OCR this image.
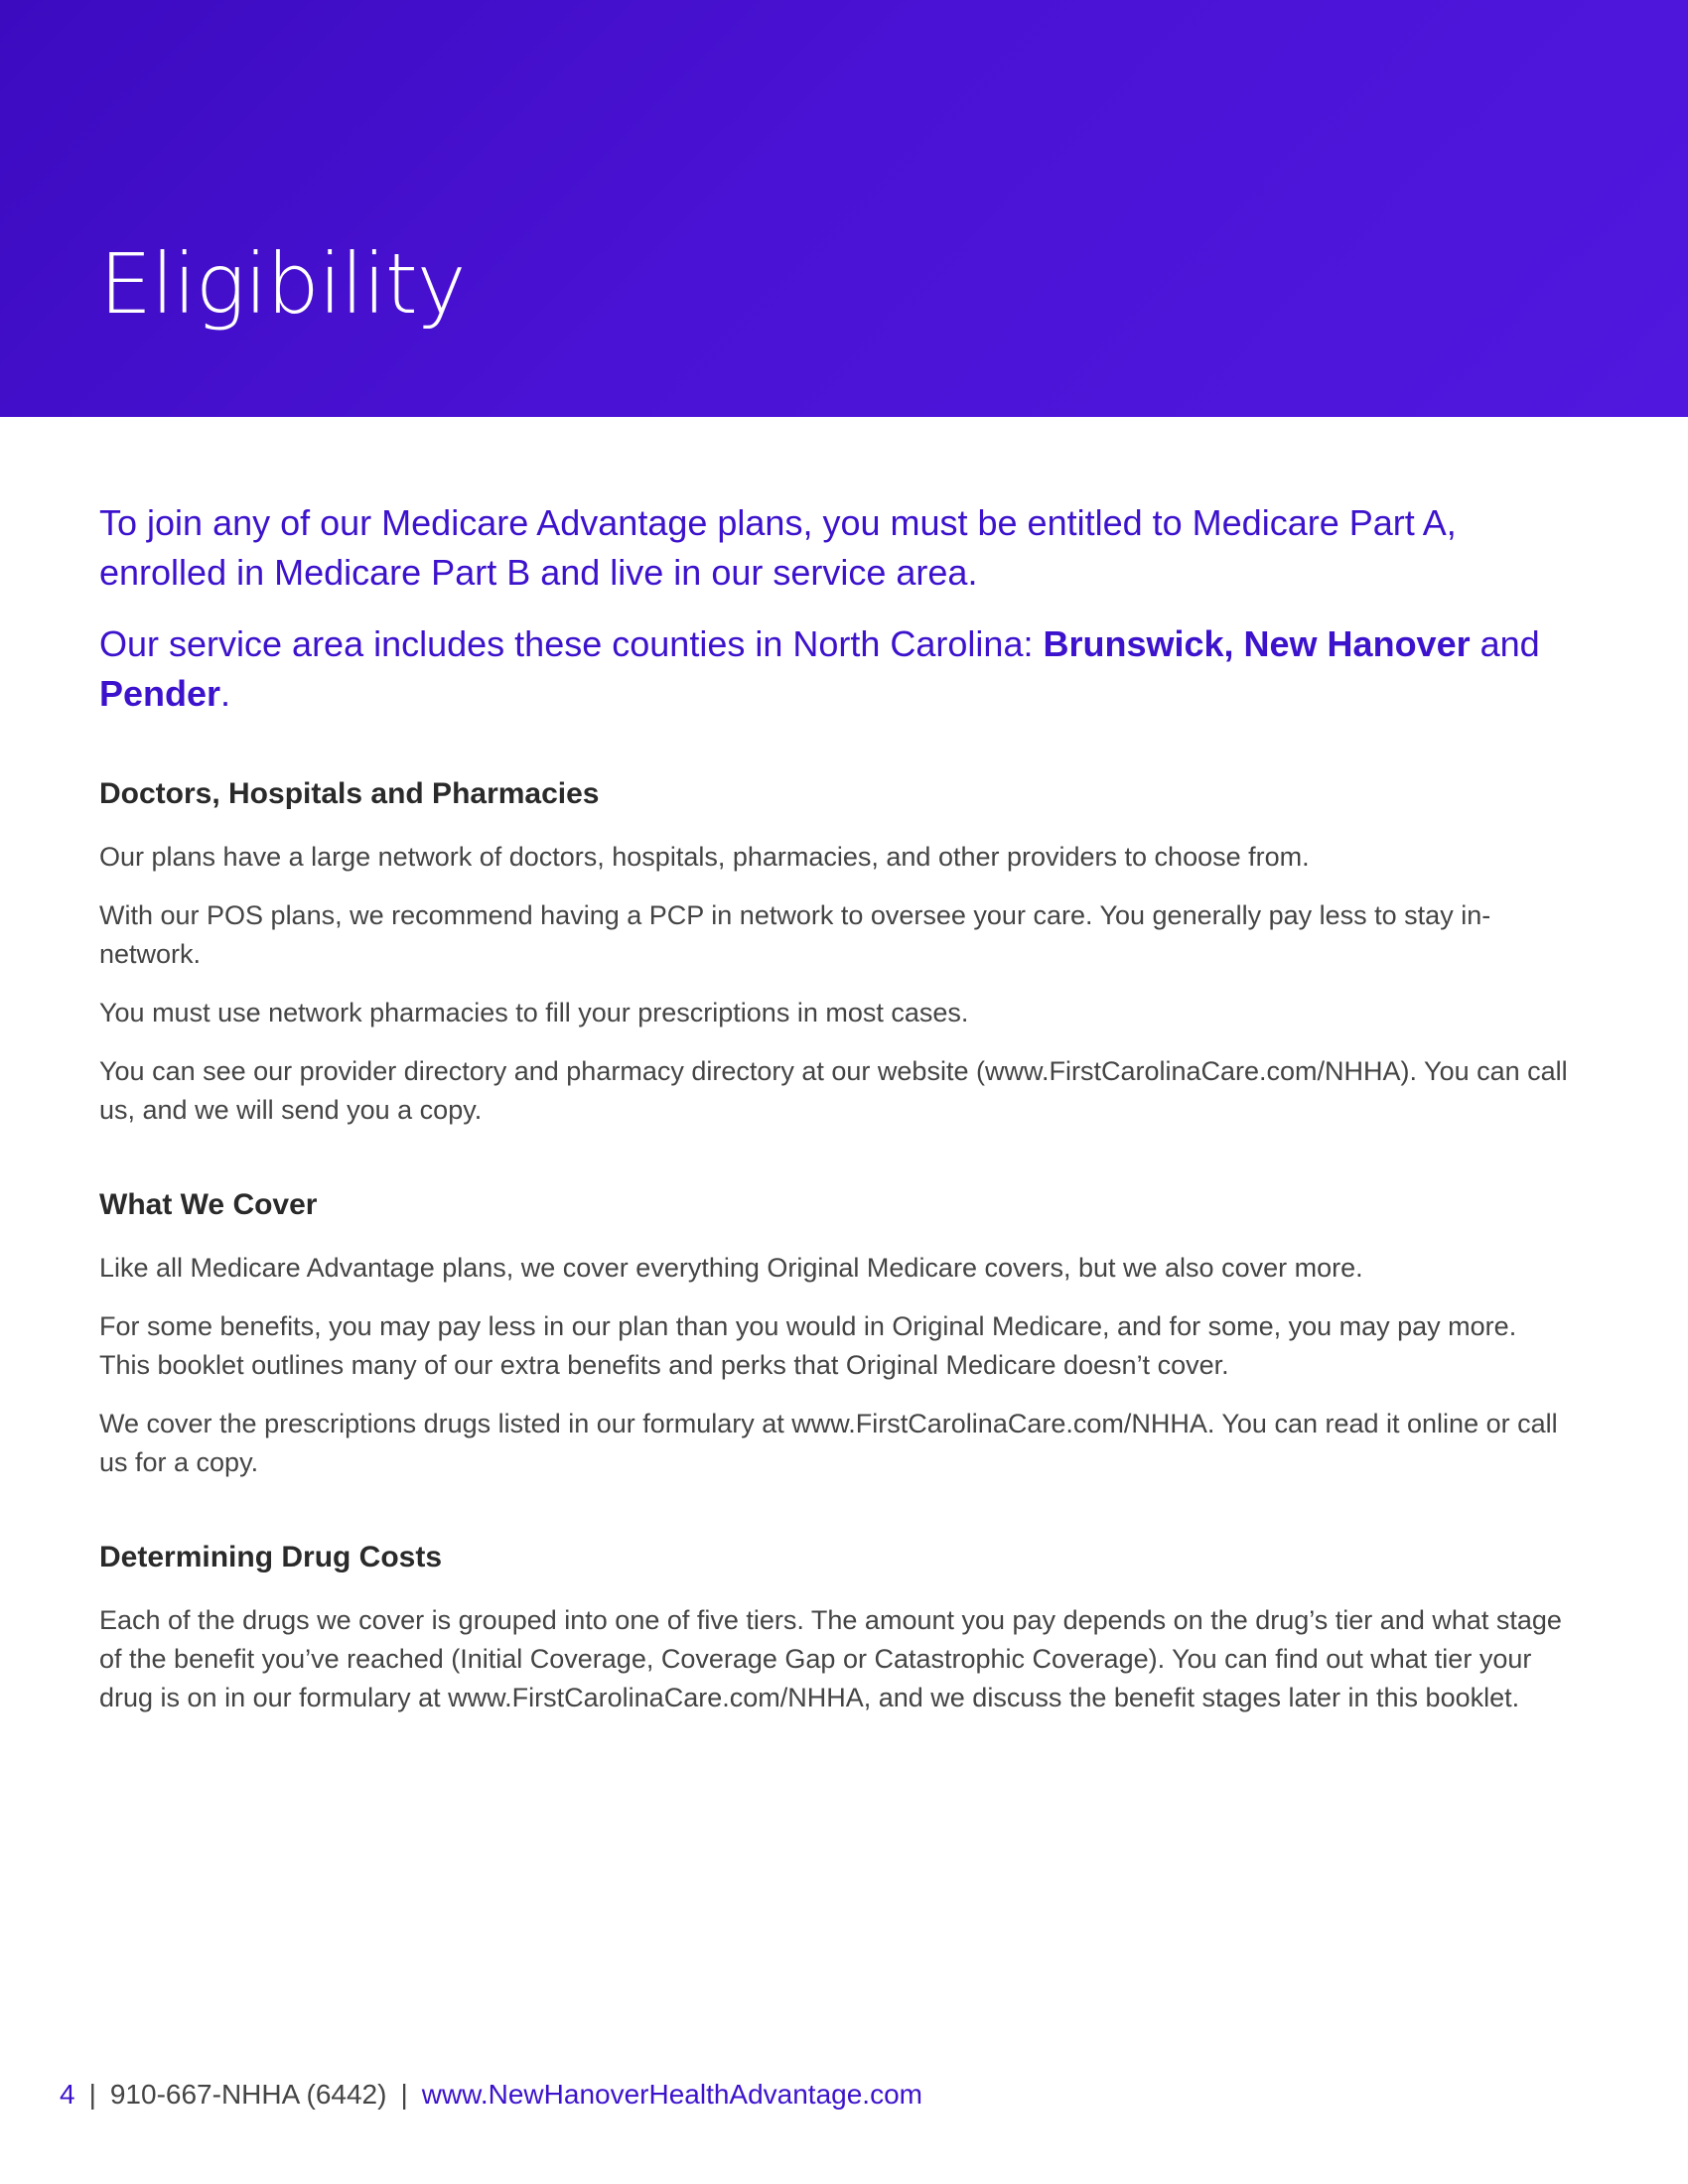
Eligibility

To join any of our Medicare Advantage plans, you must be entitled to Medicare Part A, enrolled in Medicare Part B and live in our service area.

Our service area includes these counties in North Carolina: Brunswick, New Hanover and Pender.

Doctors, Hospitals and Pharmacies

Our plans have a large network of doctors, hospitals, pharmacies, and other providers to choose from.

With our POS plans, we recommend having a PCP in network to oversee your care. You generally pay less to stay in-network.

You must use network pharmacies to fill your prescriptions in most cases.

You can see our provider directory and pharmacy directory at our website (www.FirstCarolinaCare.com/NHHA). You can call us, and we will send you a copy.

What We Cover

Like all Medicare Advantage plans, we cover everything Original Medicare covers, but we also cover more.

For some benefits, you may pay less in our plan than you would in Original Medicare, and for some, you may pay more. This booklet outlines many of our extra benefits and perks that Original Medicare doesn’t cover.

We cover the prescriptions drugs listed in our formulary at www.FirstCarolinaCare.com/NHHA. You can read it online or call us for a copy.

Determining Drug Costs

Each of the drugs we cover is grouped into one of five tiers. The amount you pay depends on the drug’s tier and what stage of the benefit you’ve reached (Initial Coverage, Coverage Gap or Catastrophic Coverage). You can find out what tier your drug is on in our formulary at www.FirstCarolinaCare.com/NHHA, and we discuss the benefit stages later in this booklet.

4 | 910-667-NHHA (6442) | www.NewHanoverHealthAdvantage.com
